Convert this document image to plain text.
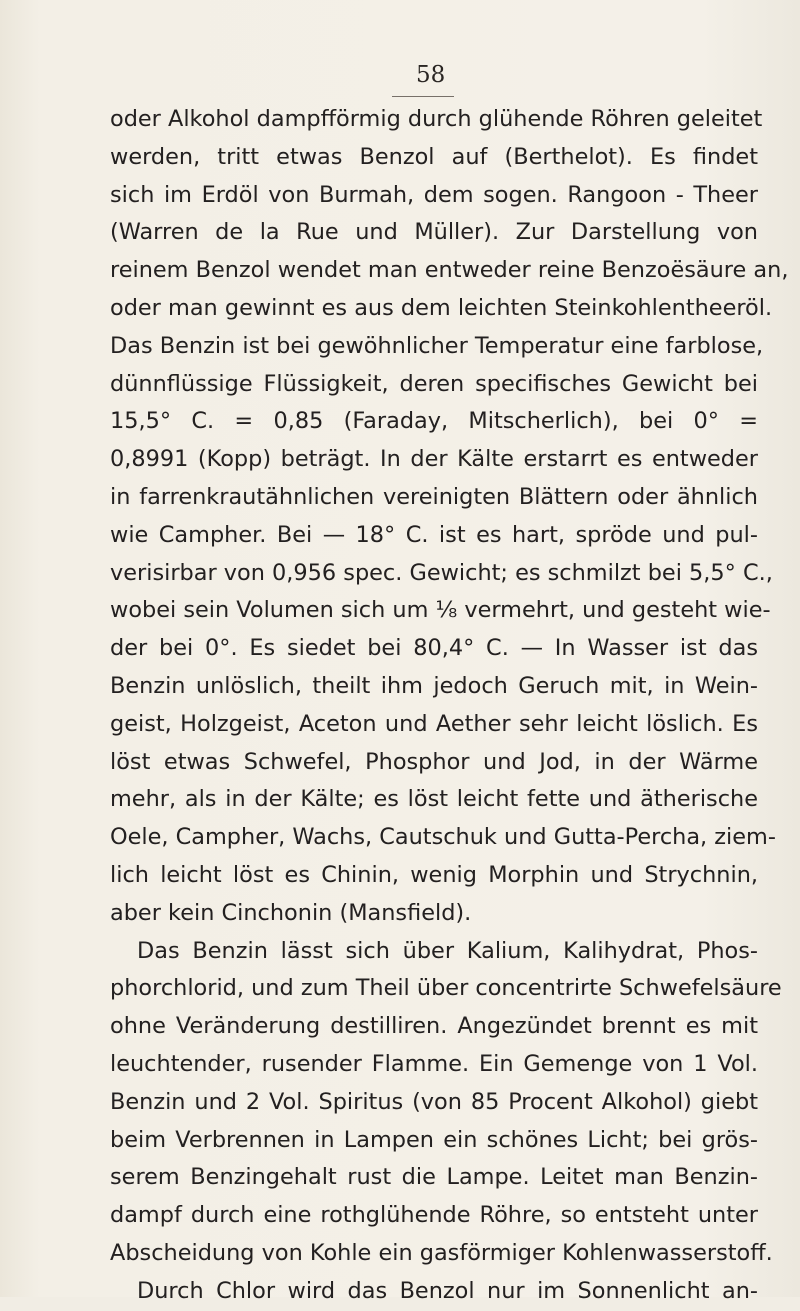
58
oder Alkohol dampfförmig durch glühende Röhren geleitet
werden, tritt etwas Benzol auf (Berthelot). Es findet
sich im Erdöl von Burmah, dem sogen. Rangoon - Theer
(Warren de la Rue und Müller). Zur Darstellung von
reinem Benzol wendet man entweder reine Benzoësäure an,
oder man gewinnt es aus dem leichten Steinkohlentheeröl.
Das Benzin ist bei gewöhnlicher Temperatur eine farblose,
dünnflüssige Flüssigkeit, deren specifisches Gewicht bei
15,5° C. = 0,85 (Faraday, Mitscherlich), bei 0° =
0,8991 (Kopp) beträgt. In der Kälte erstarrt es entweder
in farrenkrautähnlichen vereinigten Blättern oder ähnlich
wie Campher. Bei — 18° C. ist es hart, spröde und pul-
verisirbar von 0,956 spec. Gewicht; es schmilzt bei 5,5° C.,
wobei sein Volumen sich um ⅛ vermehrt, und gesteht wie-
der bei 0°. Es siedet bei 80,4° C. — In Wasser ist das
Benzin unlöslich, theilt ihm jedoch Geruch mit, in Wein-
geist, Holzgeist, Aceton und Aether sehr leicht löslich. Es
löst etwas Schwefel, Phosphor und Jod, in der Wärme
mehr, als in der Kälte; es löst leicht fette und ätherische
Oele, Campher, Wachs, Cautschuk und Gutta-Percha, ziem-
lich leicht löst es Chinin, wenig Morphin und Strychnin,
aber kein Cinchonin (Mansfield).
Das Benzin lässt sich über Kalium, Kalihydrat, Phos-
phorchlorid, und zum Theil über concentrirte Schwefelsäure
ohne Veränderung destilliren. Angezündet brennt es mit
leuchtender, rusender Flamme. Ein Gemenge von 1 Vol.
Benzin und 2 Vol. Spiritus (von 85 Procent Alkohol) giebt
beim Verbrennen in Lampen ein schönes Licht; bei grös-
serem Benzingehalt rust die Lampe. Leitet man Benzin-
dampf durch eine rothglühende Röhre, so entsteht unter
Abscheidung von Kohle ein gasförmiger Kohlenwasserstoff.
Durch Chlor wird das Benzol nur im Sonnenlicht an-
